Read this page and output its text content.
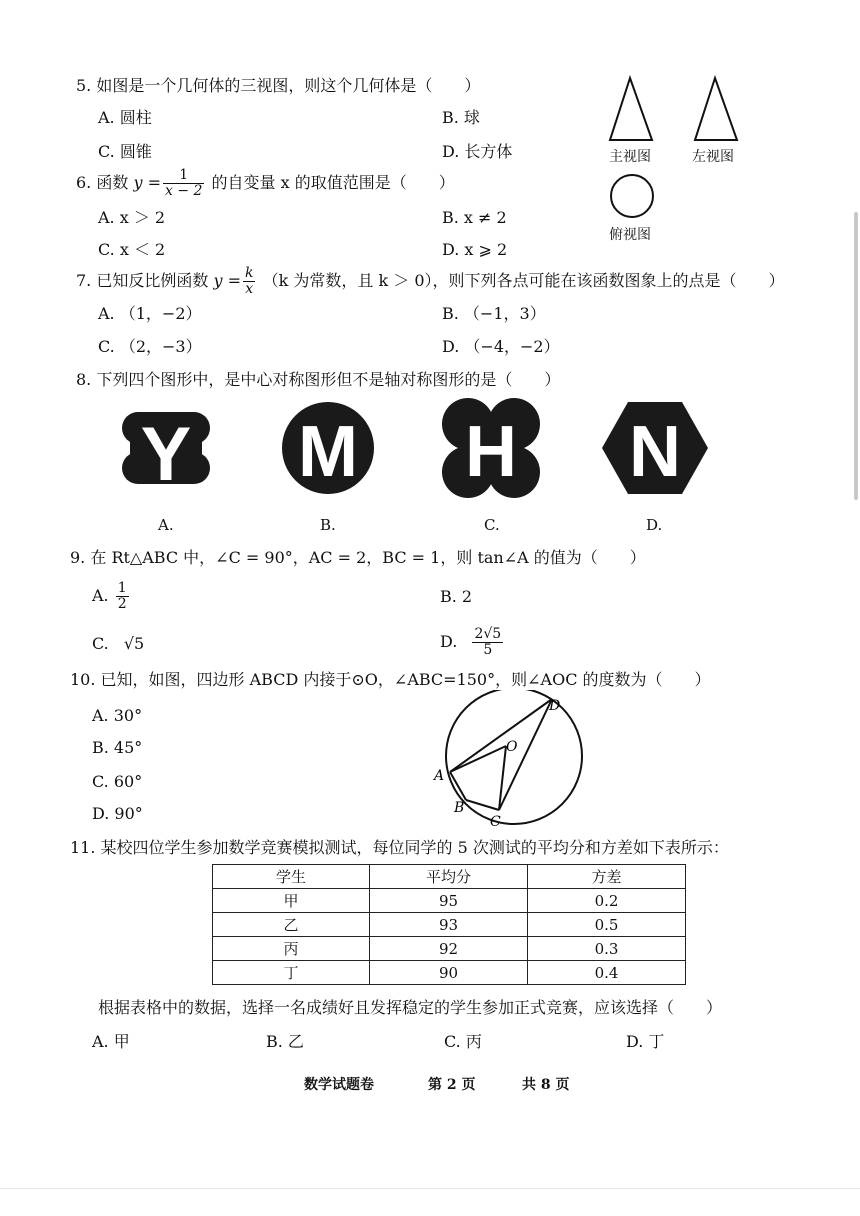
5. 如图是一个几何体的三视图，则这个几何体是（　　）
A. 圆柱	B. 球
C. 圆锥	D. 长方体	主视图	左视图
俯视图
6. 函数 $y = \frac{1}{x - 2}$ 的自变量 x 的取值范围是（　　）
A. x ＞ 2	B. x ≠ 2
C. x ＜ 2	D. x ⩾ 2
7. 已知反比例函数 $y = \frac{k}{x} (k$ 为常数，且 k ＞ 0），则下列各点可能在该函数图象上的点是（　　）
A. （1，−2）	B. （−1，3）
C. （2，−3）	D. （−4，−2）
8. 下列四个图形中，是中心对称图形但不是轴对称图形的是（　　）
Y M H N
A.	B.	C.	D.
9. 在 Rt△ABC 中，∠C = 90°，AC = 2，BC = 1，则 tan∠A 的值为（　　）
A. $\frac{1}{2}$	B. 2
C. √5	D. $\frac{2√5}{5}$
10. 已知，如图，四边形 ABCD 内接于⊙O，∠ABC=150°，则∠AOC 的度数为（　　）
A. 30°
B. 45°
C. 60°
D. 90°
D
O
A
B
C
11. 某校四位学生参加数学竞赛模拟测试，每位同学的 5 次测试的平均分和方差如下表所示：
学生	平均分	方差
甲	95	0.2
乙	93	0.5
丙	92	0.3
丁	90	0.4
根据表格中的数据，选择一名成绩好且发挥稳定的学生参加正式竞赛，应该选择（　　）
A. 甲	B. 乙	C. 丙	D. 丁
数学试题卷	第 2 页	共 8 页
